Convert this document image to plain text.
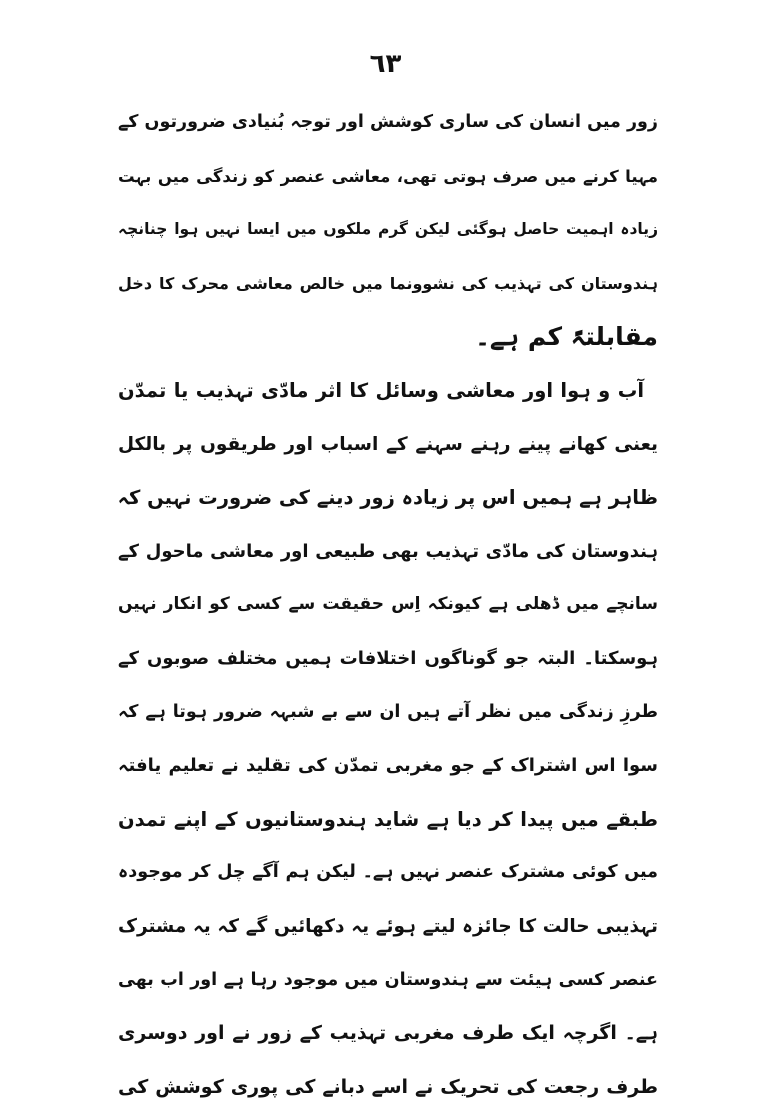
٦٣
زور میں انسان کی ساری کوشش اور توجہ بُنیادی ضرورتوں کے
مہیا کرنے میں صرف ہوتی تھی، معاشی عنصر کو زندگی میں بہت
زیادہ اہمیت حاصل ہوگئی لیکن گرم ملکوں میں ایسا نہیں ہوا چنانچہ
ہندوستان کی تہذیب کی نشوونما میں خالص معاشی محرک کا دخل
مقابلتہً کم ہے۔
آب و ہوا اور معاشی وسائل کا اثر مادّی تہذیب یا تمدّن
یعنی کھانے پینے رہنے سہنے کے اسباب اور طریقوں پر بالکل
ظاہر ہے ہمیں اس پر زیادہ زور دینے کی ضرورت نہیں کہ
ہندوستان کی مادّی تہذیب بھی طبیعی اور معاشی ماحول کے
سانچے میں ڈھلی ہے کیونکہ اِس حقیقت سے کسی کو انکار نہیں
ہوسکتا۔ البتہ جو گوناگوں اختلافات ہمیں مختلف صوبوں کے
طرزِ زندگی میں نظر آتے ہیں ان سے بے شبہہ ضرور ہوتا ہے کہ
سوا اس اشتراک کے جو مغربی تمدّن کی تقلید نے تعلیم یافتہ
طبقے میں پیدا کر دیا ہے شاید ہندوستانیوں کے اپنے تمدن
میں کوئی مشترک عنصر نہیں ہے۔ لیکن ہم آگے چل کر موجودہ
تہذیبی حالت کا جائزہ لیتے ہوئے یہ دکھائیں گے کہ یہ مشترک
عنصر کسی ہیئت سے ہندوستان میں موجود رہا ہے اور اب بھی
ہے۔ اگرچہ ایک طرف مغربی تہذیب کے زور نے اور دوسری
طرف رجعت کی تحریک نے اسے دبانے کی پوری کوشش کی
